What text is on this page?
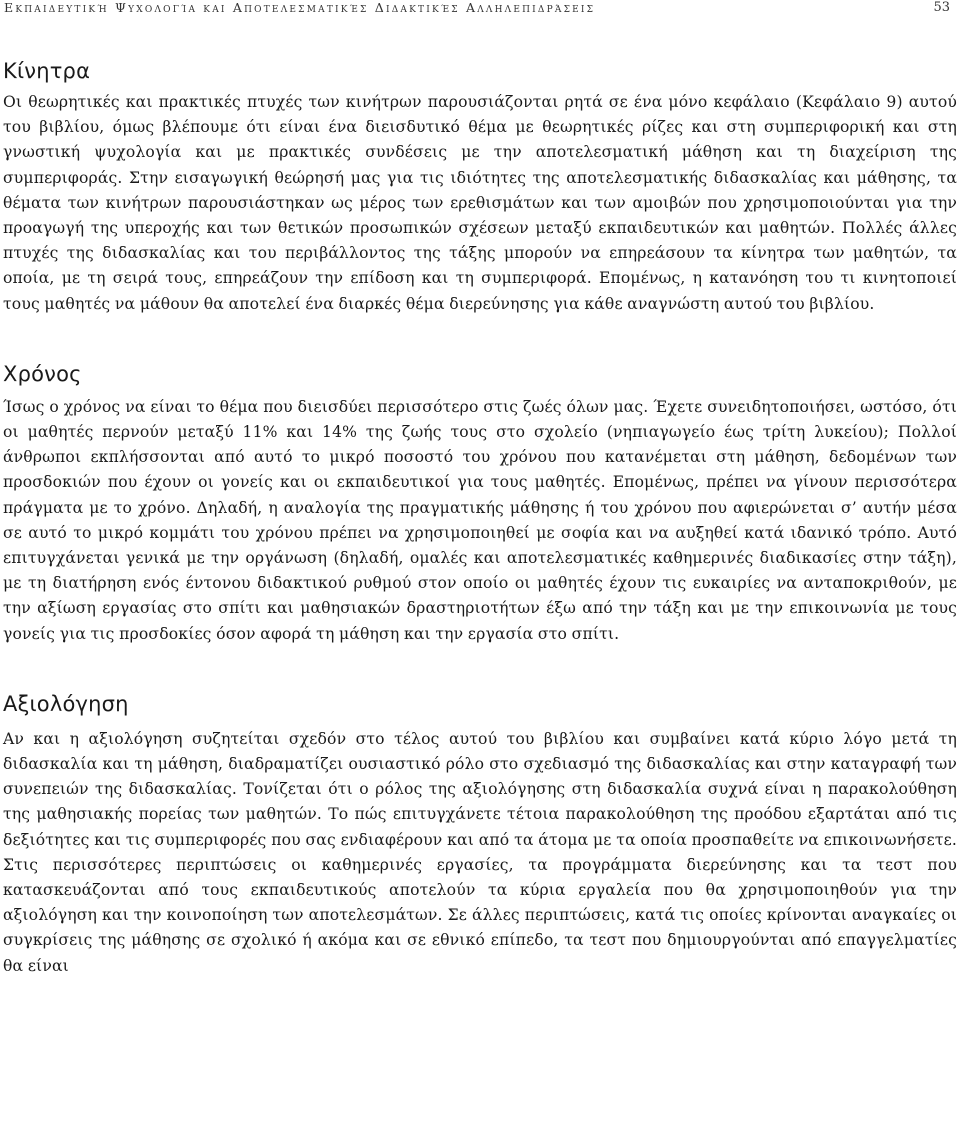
Εκπαιδευτική Ψυχολογία και Αποτελεσματικές Διδακτικές Αλληλεπιδράσεις	53
Κίνητρα

Οι θεωρητικές και πρακτικές πτυχές των κινήτρων παρουσιάζονται ρητά σε ένα μόνο κεφάλαιο (Κεφάλαιο 9) αυτού του βιβλίου, όμως βλέπουμε ότι είναι ένα διεισδυτικό θέμα με θεωρητικές ρίζες και στη συμπεριφορική και στη γνωστική ψυχολογία και με πρακτικές συνδέσεις με την αποτελεσματική μάθηση και τη διαχείριση της συμπεριφοράς. Στην εισαγωγική θεώρησή μας για τις ιδιότητες της αποτελεσματικής διδασκαλίας και μάθησης, τα θέματα των κινήτρων παρουσιάστηκαν ως μέρος των ερεθισμάτων και των αμοιβών που χρησιμοποιούνται για την προαγωγή της υπεροχής και των θετικών προσωπικών σχέσεων μεταξύ εκπαιδευτικών και μαθητών. Πολλές άλλες πτυχές της διδασκαλίας και του περιβάλλοντος της τάξης μπορούν να επηρεάσουν τα κίνητρα των μαθητών, τα οποία, με τη σειρά τους, επηρεάζουν την επίδοση και τη συμπεριφορά. Επομένως, η κατανόηση του τι κινητοποιεί τους μαθητές να μάθουν θα αποτελεί ένα διαρκές θέμα διερεύνησης για κάθε αναγνώστη αυτού του βιβλίου.

Χρόνος

Ίσως ο χρόνος να είναι το θέμα που διεισδύει περισσότερο στις ζωές όλων μας. Έχετε συνειδητοποιήσει, ωστόσο, ότι οι μαθητές περνούν μεταξύ 11% και 14% της ζωής τους στο σχολείο (νηπιαγωγείο έως τρίτη λυκείου); Πολλοί άνθρωποι εκπλήσσονται από αυτό το μικρό ποσοστό του χρόνου που κατανέμεται στη μάθηση, δεδομένων των προσδοκιών που έχουν οι γονείς και οι εκπαιδευτικοί για τους μαθητές. Επομένως, πρέπει να γίνουν περισσότερα πράγματα με το χρόνο. Δηλαδή, η αναλογία της πραγματικής μάθησης ή του χρόνου που αφιερώνεται σ’ αυτήν μέσα σε αυτό το μικρό κομμάτι του χρόνου πρέπει να χρησιμοποιηθεί με σοφία και να αυξηθεί κατά ιδανικό τρόπο. Αυτό επιτυγχάνεται γενικά με την οργάνωση (δηλαδή, ομαλές και αποτελεσματικές καθημερινές διαδικασίες στην τάξη), με τη διατήρηση ενός έντονου διδακτικού ρυθμού στον οποίο οι μαθητές έχουν τις ευκαιρίες να ανταποκριθούν, με την αξίωση εργασίας στο σπίτι και μαθησιακών δραστηριοτήτων έξω από την τάξη και με την επικοινωνία με τους γονείς για τις προσδοκίες όσον αφορά τη μάθηση και την εργασία στο σπίτι.

Αξιολόγηση

Αν και η αξιολόγηση συζητείται σχεδόν στο τέλος αυτού του βιβλίου και συμβαίνει κατά κύριο λόγο μετά τη διδασκαλία και τη μάθηση, διαδραματίζει ουσιαστικό ρόλο στο σχεδιασμό της διδασκαλίας και στην καταγραφή των συνεπειών της διδασκαλίας. Τονίζεται ότι ο ρόλος της αξιολόγησης στη διδασκαλία συχνά είναι η παρακολούθηση της μαθησιακής πορείας των μαθητών. Το πώς επιτυγχάνετε τέτοια παρακολούθηση της προόδου εξαρτάται από τις δεξιότητες και τις συμπεριφορές που σας ενδιαφέρουν και από τα άτομα με τα οποία προσπαθείτε να επικοινωνήσετε. Στις περισσότερες περιπτώσεις οι καθημερινές εργασίες, τα προγράμματα διερεύνησης και τα τεστ που κατασκευάζονται από τους εκπαιδευτικούς αποτελούν τα κύρια εργαλεία που θα χρησιμοποιηθούν για την αξιολόγηση και την κοινοποίηση των αποτελεσμάτων. Σε άλλες περιπτώσεις, κατά τις οποίες κρίνονται αναγκαίες οι συγκρίσεις της μάθησης σε σχολικό ή ακόμα και σε εθνικό επίπεδο, τα τεστ που δημιουργούνται από επαγγελματίες θα είναι
